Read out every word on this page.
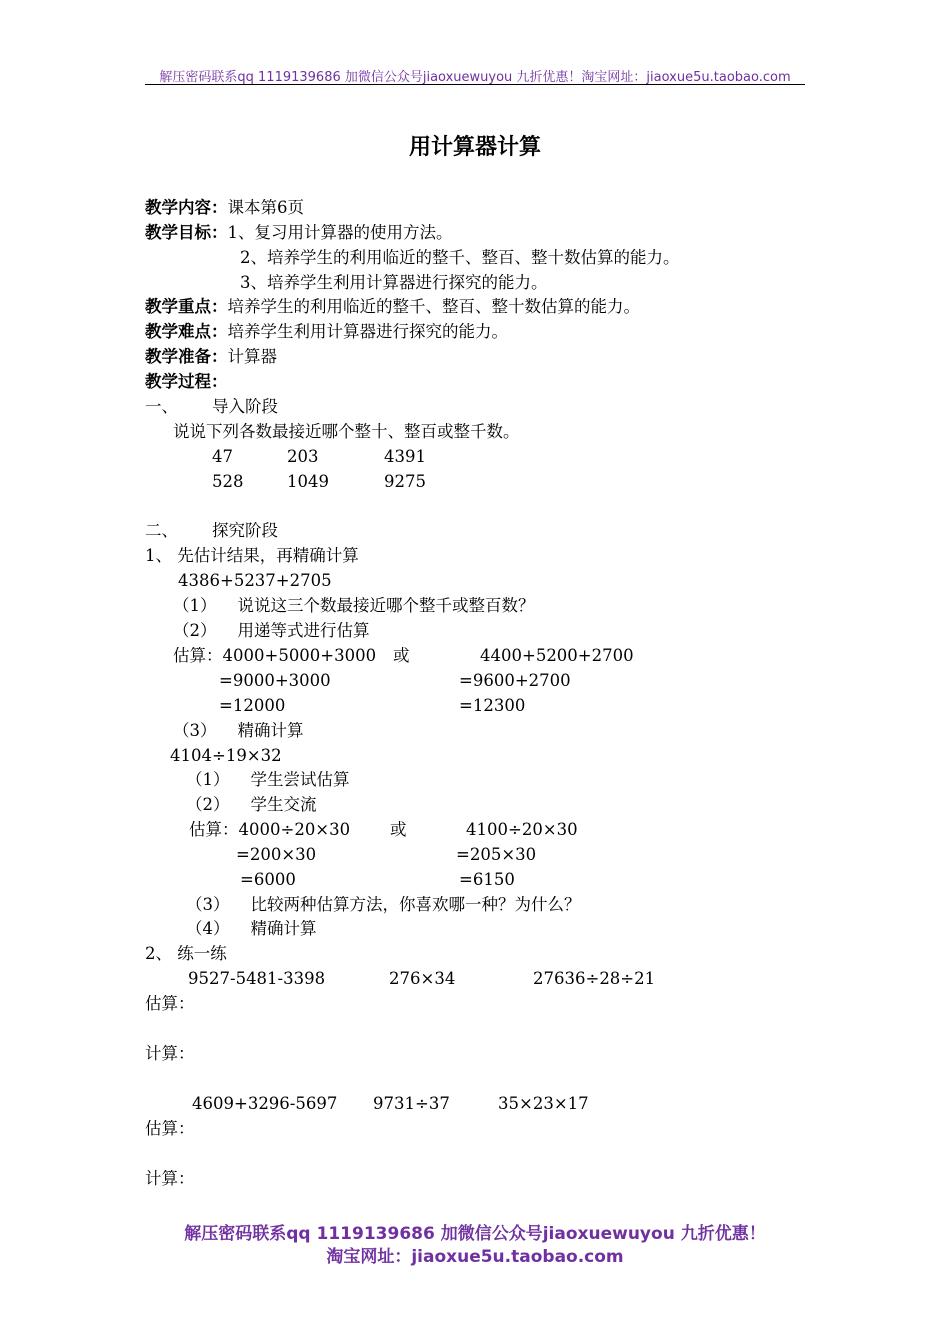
解压密码联系qq 1119139686 加微信公众号jiaoxuewuyou 九折优惠！淘宝网址：jiaoxue5u.taobao.com
用计算器计算
教学内容：课本第6页
教学目标：1、复习用计算器的使用方法。
2、培养学生的利用临近的整千、整百、整十数估算的能力。
3、培养学生利用计算器进行探究的能力。
教学重点：培养学生的利用临近的整千、整百、整十数估算的能力。
教学难点：培养学生利用计算器进行探究的能力。
教学准备：计算器
教学过程：
一、 导入阶段
说说下列各数最接近哪个整十、整百或整千数。
47	203	4391
528	1049	9275
二、 探究阶段
1、 先估计结果，再精确计算
4386+5237+2705
（1）    说说这三个数最接近哪个整千或整百数？
（2）    用递等式进行估算
估算：4000+5000+3000 或	4400+5200+2700
=9000+3000	=9600+2700
=12000	=12300
（3）    精确计算
4104÷19×32
（1）    学生尝试估算
（2）    学生交流
估算：4000÷20×30 或	4100÷20×30
=200×30	=205×30
=6000	=6150
（3）    比较两种估算方法，你喜欢哪一种？为什么？
（4）    精确计算
2、 练一练
9527-5481-3398	276×34	27636÷28÷21
估算：
计算：
4609+3296-5697 9731÷37	35×23×17
估算：
计算：
解压密码联系qq 1119139686 加微信公众号jiaoxuewuyou 九折优惠！
淘宝网址：jiaoxue5u.taobao.com
